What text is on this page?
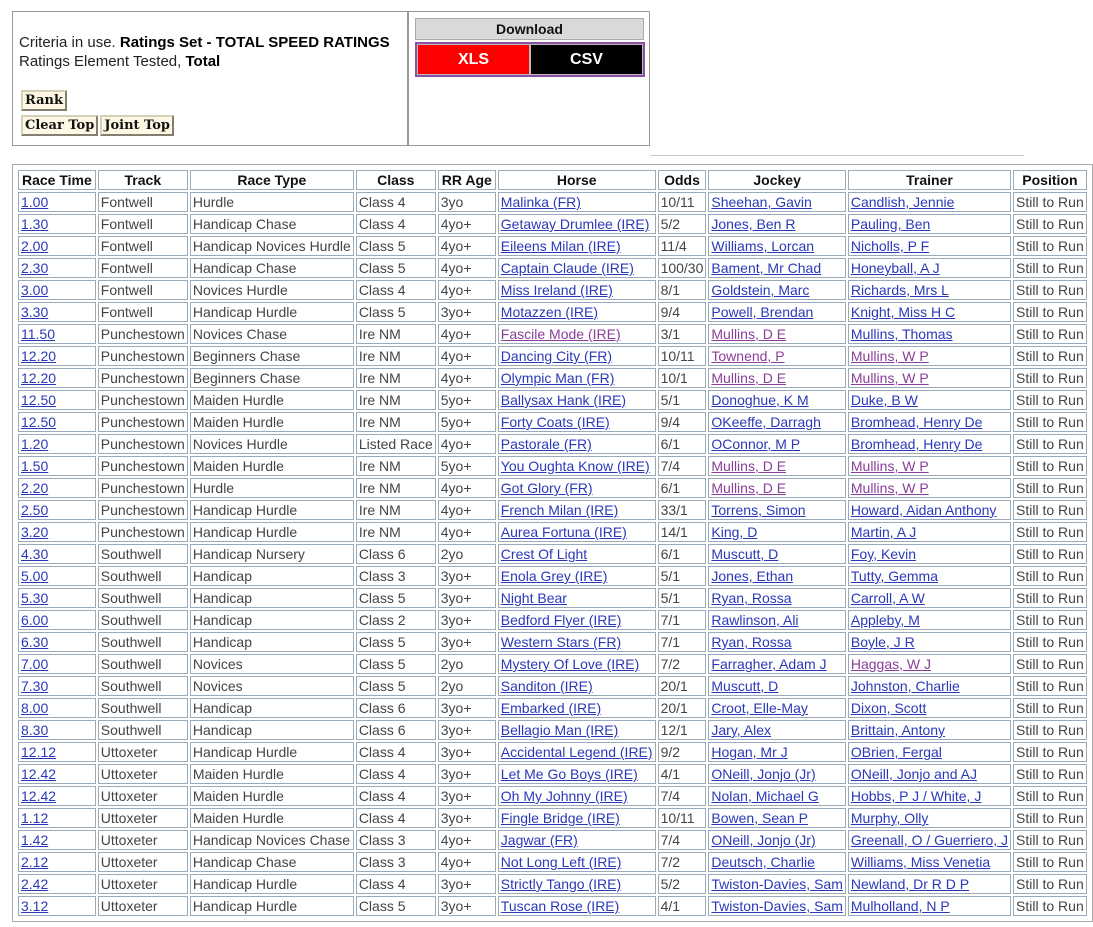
Criteria in use. Ratings Set - TOTAL SPEED RATINGS
Ratings Element Tested, Total
Rank
Clear Top Joint Top
Download
XLS	CSV
Race Time	Track	Race Type	Class	RR Age	Horse	Odds	Jockey	Trainer	Position
1.00	Fontwell	Hurdle	Class 4	3yo	Malinka (FR)	10/11	Sheehan, Gavin	Candlish, Jennie	Still to Run
1.30	Fontwell	Handicap Chase	Class 4	4yo+	Getaway Drumlee (IRE)	5/2	Jones, Ben R	Pauling, Ben	Still to Run
2.00	Fontwell	Handicap Novices Hurdle	Class 5	4yo+	Eileens Milan (IRE)	11/4	Williams, Lorcan	Nicholls, P F	Still to Run
2.30	Fontwell	Handicap Chase	Class 5	4yo+	Captain Claude (IRE)	100/30	Bament, Mr Chad	Honeyball, A J	Still to Run
3.00	Fontwell	Novices Hurdle	Class 4	4yo+	Miss Ireland (IRE)	8/1	Goldstein, Marc	Richards, Mrs L	Still to Run
3.30	Fontwell	Handicap Hurdle	Class 5	3yo+	Motazzen (IRE)	9/4	Powell, Brendan	Knight, Miss H C	Still to Run
11.50	Punchestown	Novices Chase	Ire NM	4yo+	Fascile Mode (IRE)	3/1	Mullins, D E	Mullins, Thomas	Still to Run
12.20	Punchestown	Beginners Chase	Ire NM	4yo+	Dancing City (FR)	10/11	Townend, P	Mullins, W P	Still to Run
12.20	Punchestown	Beginners Chase	Ire NM	4yo+	Olympic Man (FR)	10/1	Mullins, D E	Mullins, W P	Still to Run
12.50	Punchestown	Maiden Hurdle	Ire NM	5yo+	Ballysax Hank (IRE)	5/1	Donoghue, K M	Duke, B W	Still to Run
12.50	Punchestown	Maiden Hurdle	Ire NM	5yo+	Forty Coats (IRE)	9/4	OKeeffe, Darragh	Bromhead, Henry De	Still to Run
1.20	Punchestown	Novices Hurdle	Listed Race	4yo+	Pastorale (FR)	6/1	OConnor, M P	Bromhead, Henry De	Still to Run
1.50	Punchestown	Maiden Hurdle	Ire NM	5yo+	You Oughta Know (IRE)	7/4	Mullins, D E	Mullins, W P	Still to Run
2.20	Punchestown	Hurdle	Ire NM	4yo+	Got Glory (FR)	6/1	Mullins, D E	Mullins, W P	Still to Run
2.50	Punchestown	Handicap Hurdle	Ire NM	4yo+	French Milan (IRE)	33/1	Torrens, Simon	Howard, Aidan Anthony	Still to Run
3.20	Punchestown	Handicap Hurdle	Ire NM	4yo+	Aurea Fortuna (IRE)	14/1	King, D	Martin, A J	Still to Run
4.30	Southwell	Handicap Nursery	Class 6	2yo	Crest Of Light	6/1	Muscutt, D	Foy, Kevin	Still to Run
5.00	Southwell	Handicap	Class 3	3yo+	Enola Grey (IRE)	5/1	Jones, Ethan	Tutty, Gemma	Still to Run
5.30	Southwell	Handicap	Class 5	3yo+	Night Bear	5/1	Ryan, Rossa	Carroll, A W	Still to Run
6.00	Southwell	Handicap	Class 2	3yo+	Bedford Flyer (IRE)	7/1	Rawlinson, Ali	Appleby, M	Still to Run
6.30	Southwell	Handicap	Class 5	3yo+	Western Stars (FR)	7/1	Ryan, Rossa	Boyle, J R	Still to Run
7.00	Southwell	Novices	Class 5	2yo	Mystery Of Love (IRE)	7/2	Farragher, Adam J	Haggas, W J	Still to Run
7.30	Southwell	Novices	Class 5	2yo	Sanditon (IRE)	20/1	Muscutt, D	Johnston, Charlie	Still to Run
8.00	Southwell	Handicap	Class 6	3yo+	Embarked (IRE)	20/1	Croot, Elle-May	Dixon, Scott	Still to Run
8.30	Southwell	Handicap	Class 6	3yo+	Bellagio Man (IRE)	12/1	Jary, Alex	Brittain, Antony	Still to Run
12.12	Uttoxeter	Handicap Hurdle	Class 4	3yo+	Accidental Legend (IRE)	9/2	Hogan, Mr J	OBrien, Fergal	Still to Run
12.42	Uttoxeter	Maiden Hurdle	Class 4	3yo+	Let Me Go Boys (IRE)	4/1	ONeill, Jonjo (Jr)	ONeill, Jonjo and AJ	Still to Run
12.42	Uttoxeter	Maiden Hurdle	Class 4	3yo+	Oh My Johnny (IRE)	7/4	Nolan, Michael G	Hobbs, P J / White, J	Still to Run
1.12	Uttoxeter	Maiden Hurdle	Class 4	3yo+	Fingle Bridge (IRE)	10/11	Bowen, Sean P	Murphy, Olly	Still to Run
1.42	Uttoxeter	Handicap Novices Chase	Class 3	4yo+	Jagwar (FR)	7/4	ONeill, Jonjo (Jr)	Greenall, O / Guerriero, J	Still to Run
2.12	Uttoxeter	Handicap Chase	Class 3	4yo+	Not Long Left (IRE)	7/2	Deutsch, Charlie	Williams, Miss Venetia	Still to Run
2.42	Uttoxeter	Handicap Hurdle	Class 4	3yo+	Strictly Tango (IRE)	5/2	Twiston-Davies, Sam	Newland, Dr R D P	Still to Run
3.12	Uttoxeter	Handicap Hurdle	Class 5	3yo+	Tuscan Rose (IRE)	4/1	Twiston-Davies, Sam	Mulholland, N P	Still to Run
